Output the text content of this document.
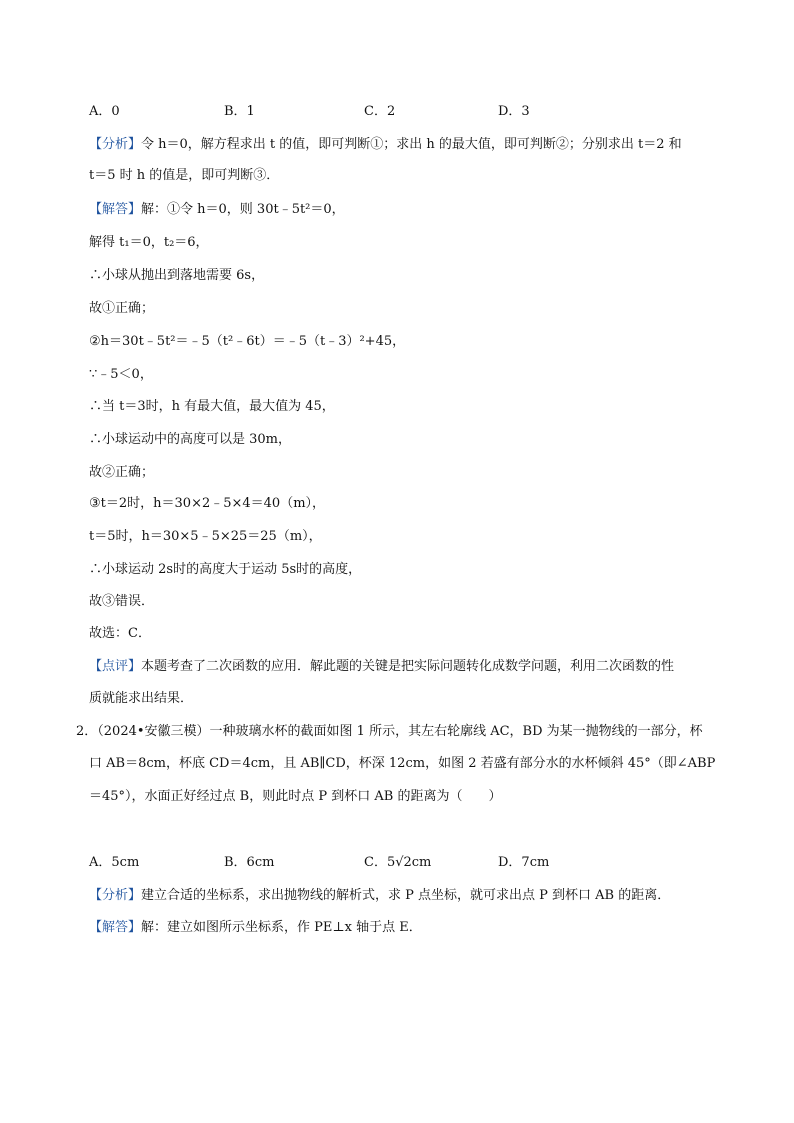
A．0	B．1	C．2	D．3
【分析】令 h＝0，解方程求出 t 的值，即可判断①；求出 h 的最大值，即可判断②；分别求出 t＝2 和
t＝5 时 h 的值是，即可判断③．
【解答】解：①令 h＝0，则 30t﹣5t²＝0，
解得 t₁＝0，t₂＝6，
∴小球从抛出到落地需要 6s，
故①正确；
②h＝30t﹣5t²＝﹣5（t²﹣6t）＝﹣5（t﹣3）²+45，
∵﹣5＜0，
∴当 t＝3时，h 有最大值，最大值为 45，
∴小球运动中的高度可以是 30m，
故②正确；
③t＝2时，h＝30×2﹣5×4＝40（m），
t＝5时，h＝30×5﹣5×25＝25（m），
∴小球运动 2s时的高度大于运动 5s时的高度，
故③错误．
故选：C．
【点评】本题考查了二次函数的应用．解此题的关键是把实际问题转化成数学问题，利用二次函数的性
质就能求出结果．
2．（2024•安徽三模）一种玻璃水杯的截面如图 1 所示，其左右轮廓线 AC，BD 为某一抛物线的一部分，杯
口 AB＝8cm，杯底 CD＝4cm，且 AB∥CD，杯深 12cm，如图 2 若盛有部分水的水杯倾斜 45°（即∠ABP
＝45°），水面正好经过点 B，则此时点 P 到杯口 AB 的距离为（　　）
A．5cm	B．6cm	C．5√2cm	D．7cm
【分析】建立合适的坐标系，求出抛物线的解析式，求 P 点坐标，就可求出点 P 到杯口 AB 的距离．
【解答】解：建立如图所示坐标系，作 PE⊥x 轴于点 E．
